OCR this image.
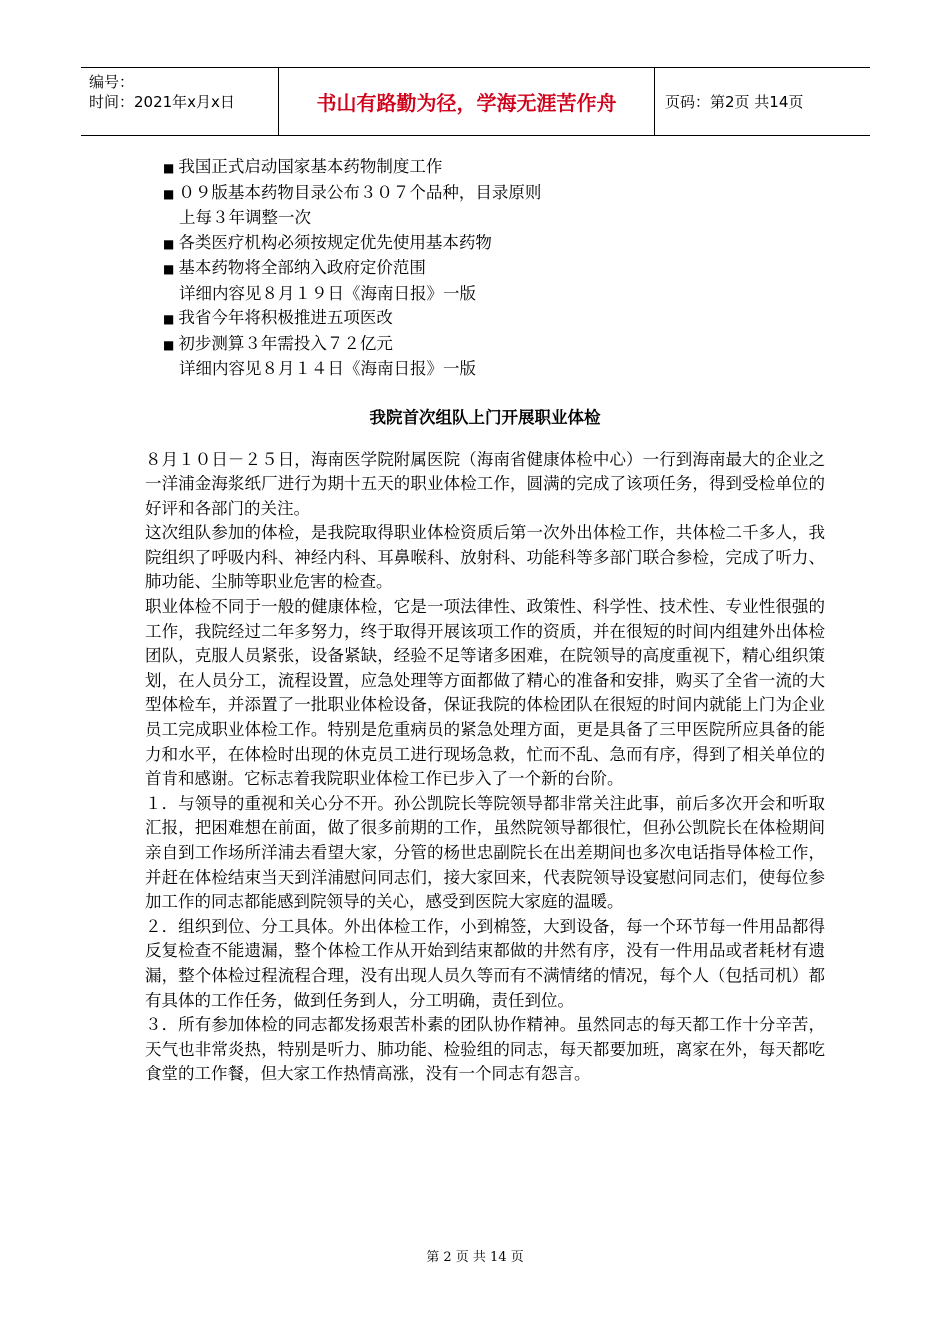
编号：
时间：2021年x月x日	书山有路勤为径，学海无涯苦作舟	页码：第2页 共14页
■ 我国正式启动国家基本药物制度工作
■ ０９版基本药物目录公布３０７个品种，目录原则
上每３年调整一次
■ 各类医疗机构必须按规定优先使用基本药物
■ 基本药物将全部纳入政府定价范围
详细内容见８月１９日《海南日报》一版
■ 我省今年将积极推进五项医改
■ 初步测算３年需投入７２亿元
详细内容见８月１４日《海南日报》一版
我院首次组队上门开展职业体检
８月１０日－２５日，海南医学院附属医院（海南省健康体检中心）一行到海南最大的企业之一洋浦金海浆纸厂进行为期十五天的职业体检工作，圆满的完成了该项任务，得到受检单位的好评和各部门的关注。
这次组队参加的体检，是我院取得职业体检资质后第一次外出体检工作，共体检二千多人，我院组织了呼吸内科、神经内科、耳鼻喉科、放射科、功能科等多部门联合参检，完成了听力、肺功能、尘肺等职业危害的检查。
职业体检不同于一般的健康体检，它是一项法律性、政策性、科学性、技术性、专业性很强的工作，我院经过二年多努力，终于取得开展该项工作的资质，并在很短的时间内组建外出体检团队，克服人员紧张，设备紧缺，经验不足等诸多困难，在院领导的高度重视下，精心组织策划，在人员分工，流程设置，应急处理等方面都做了精心的准备和安排，购买了全省一流的大型体检车，并添置了一批职业体检设备，保证我院的体检团队在很短的时间内就能上门为企业员工完成职业体检工作。特别是危重病员的紧急处理方面，更是具备了三甲医院所应具备的能力和水平，在体检时出现的休克员工进行现场急救，忙而不乱、急而有序，得到了相关单位的首肯和感谢。它标志着我院职业体检工作已步入了一个新的台阶。
１．与领导的重视和关心分不开。孙公凯院长等院领导都非常关注此事，前后多次开会和听取汇报，把困难想在前面，做了很多前期的工作，虽然院领导都很忙，但孙公凯院长在体检期间亲自到工作场所洋浦去看望大家，分管的杨世忠副院长在出差期间也多次电话指导体检工作，并赶在体检结束当天到洋浦慰问同志们，接大家回来，代表院领导设宴慰问同志们，使每位参加工作的同志都能感到院领导的关心，感受到医院大家庭的温暖。
２．组织到位、分工具体。外出体检工作，小到棉签，大到设备，每一个环节每一件用品都得反复检查不能遗漏，整个体检工作从开始到结束都做的井然有序，没有一件用品或者耗材有遗漏，整个体检过程流程合理，没有出现人员久等而有不满情绪的情况，每个人（包括司机）都有具体的工作任务，做到任务到人，分工明确，责任到位。
３．所有参加体检的同志都发扬艰苦朴素的团队协作精神。虽然同志的每天都工作十分辛苦，天气也非常炎热，特别是听力、肺功能、检验组的同志，每天都要加班，离家在外，每天都吃食堂的工作餐，但大家工作热情高涨，没有一个同志有怨言。
第 2 页 共 14 页
